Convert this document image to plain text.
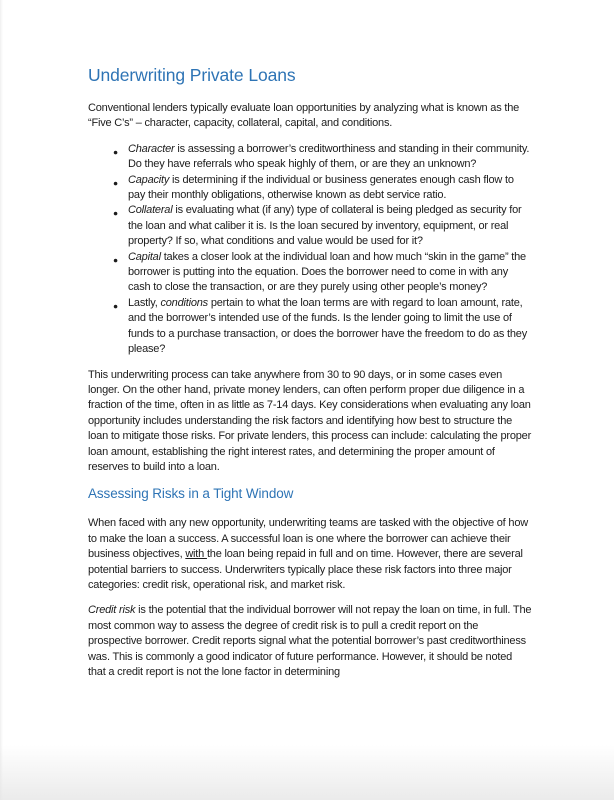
Underwriting Private Loans

Conventional lenders typically evaluate loan opportunities by analyzing what is known as the “Five C’s” – character, capacity, collateral, capital, and conditions.

● Character is assessing a borrower’s creditworthiness and standing in their community. Do they have referrals who speak highly of them, or are they an unknown?
● Capacity is determining if the individual or business generates enough cash flow to pay their monthly obligations, otherwise known as debt service ratio.
● Collateral is evaluating what (if any) type of collateral is being pledged as security for the loan and what caliber it is. Is the loan secured by inventory, equipment, or real property? If so, what conditions and value would be used for it?
● Capital takes a closer look at the individual loan and how much “skin in the game” the borrower is putting into the equation. Does the borrower need to come in with any cash to close the transaction, or are they purely using other people’s money?
● Lastly, conditions pertain to what the loan terms are with regard to loan amount, rate, and the borrower’s intended use of the funds. Is the lender going to limit the use of funds to a purchase transaction, or does the borrower have the freedom to do as they please?

This underwriting process can take anywhere from 30 to 90 days, or in some cases even longer. On the other hand, private money lenders, can often perform proper due diligence in a fraction of the time, often in as little as 7-14 days. Key considerations when evaluating any loan opportunity includes understanding the risk factors and identifying how best to structure the loan to mitigate those risks. For private lenders, this process can include: calculating the proper loan amount, establishing the right interest rates, and determining the proper amount of reserves to build into a loan.

Assessing Risks in a Tight Window

When faced with any new opportunity, underwriting teams are tasked with the objective of how to make the loan a success. A successful loan is one where the borrower can achieve their business objectives, with the loan being repaid in full and on time. However, there are several potential barriers to success. Underwriters typically place these risk factors into three major categories: credit risk, operational risk, and market risk.

Credit risk is the potential that the individual borrower will not repay the loan on time, in full. The most common way to assess the degree of credit risk is to pull a credit report on the prospective borrower. Credit reports signal what the potential borrower’s past creditworthiness was. This is commonly a good indicator of future performance. However, it should be noted that a credit report is not the lone factor in determining
